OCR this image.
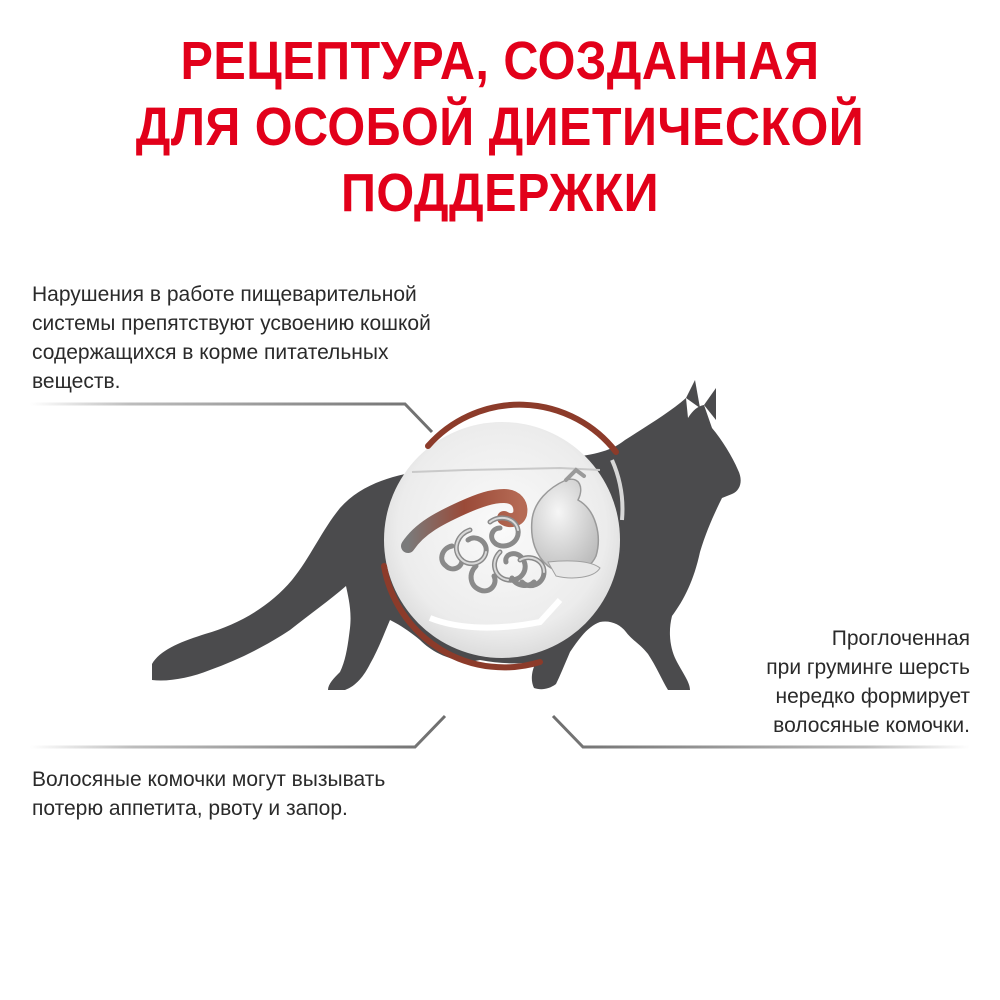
РЕЦЕПТУРА, СОЗДАННАЯ
ДЛЯ ОСОБОЙ ДИЕТИЧЕСКОЙ
ПОДДЕРЖКИ

Нарушения в работе пищеварительной
системы препятствуют усвоению кошкой
содержащихся в корме питательных
веществ.

Проглоченная
при груминге шерсть
нередко формирует
волосяные комочки.

Волосяные комочки могут вызывать
потерю аппетита, рвоту и запор.
